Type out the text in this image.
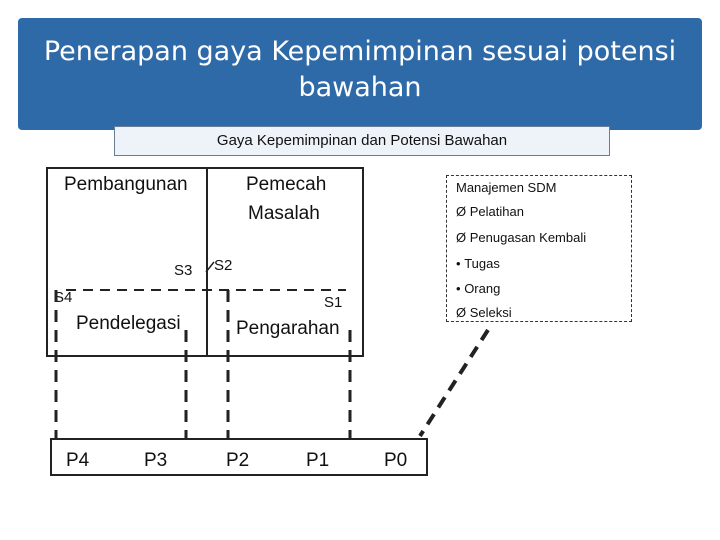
Penerapan gaya Kepemimpinan sesuai potensi bawahan
Gaya Kepemimpinan dan Potensi Bawahan
Pembangunan	Pemecah
Masalah
Pendelegasi	Pengarahan
S3 S2
S4	S1
Manajemen SDM
Ø Pelatihan
Ø Penugasan Kembali
• Tugas
• Orang
Ø Seleksi
P4	P3	P2	P1	P0
